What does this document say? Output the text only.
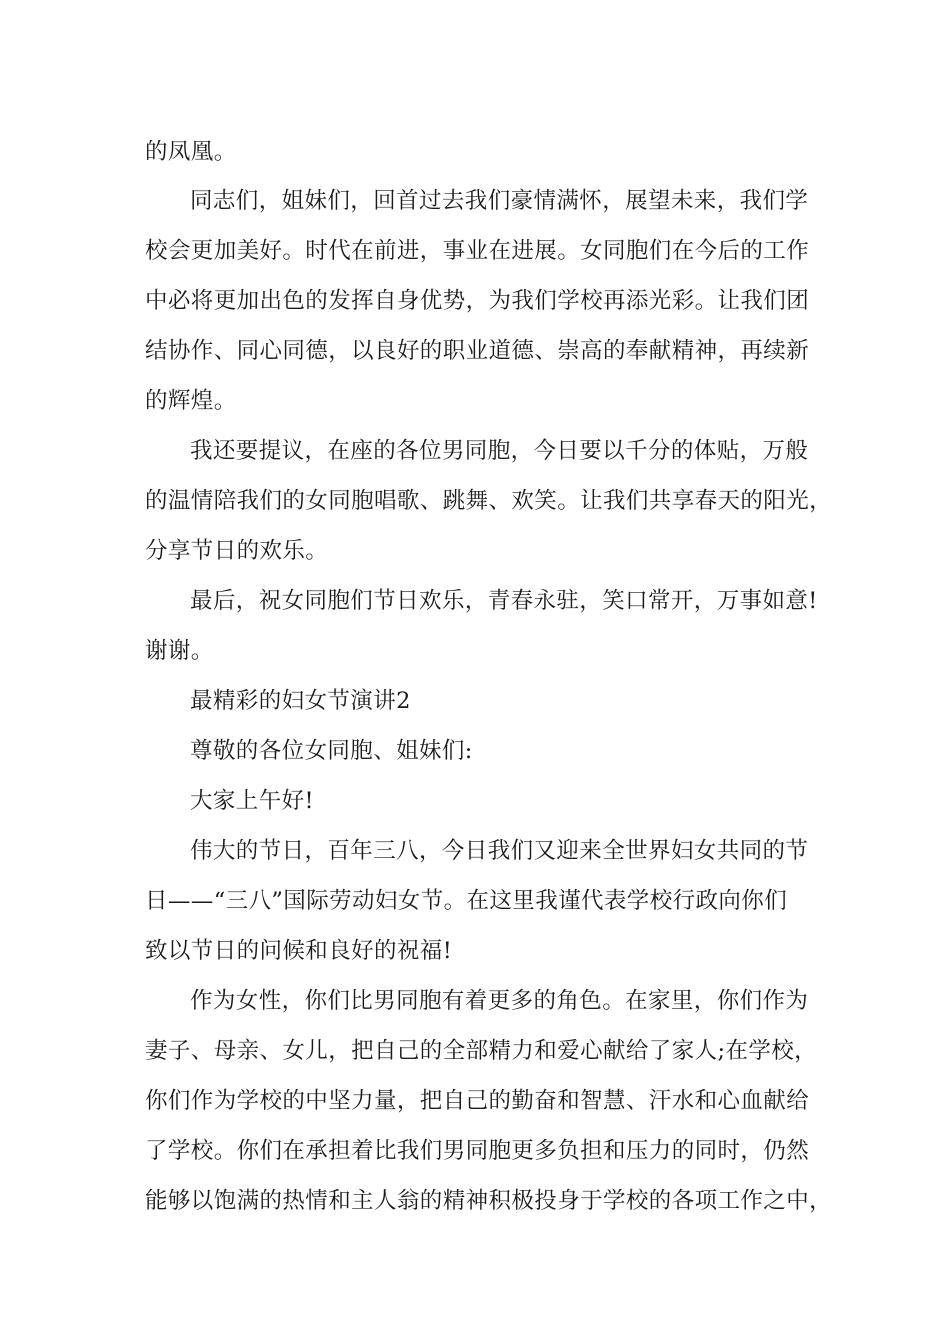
的凤凰。
同志们，姐妹们，回首过去我们豪情满怀，展望未来，我们学
校会更加美好。时代在前进，事业在进展。女同胞们在今后的工作
中必将更加出色的发挥自身优势，为我们学校再添光彩。让我们团
结协作、同心同德，以良好的职业道德、崇高的奉献精神，再续新
的辉煌。
我还要提议，在座的各位男同胞，今日要以千分的体贴，万般
的温情陪我们的女同胞唱歌、跳舞、欢笑。让我们共享春天的阳光，
分享节日的欢乐。
最后，祝女同胞们节日欢乐，青春永驻，笑口常开，万事如意!
谢谢。
最精彩的妇女节演讲2
尊敬的各位女同胞、姐妹们:
大家上午好!
伟大的节日，百年三八，今日我们又迎来全世界妇女共同的节
日——“三八”国际劳动妇女节。在这里我谨代表学校行政向你们
致以节日的问候和良好的祝福!
作为女性，你们比男同胞有着更多的角色。在家里，你们作为
妻子、母亲、女儿，把自己的全部精力和爱心献给了家人;在学校，
你们作为学校的中坚力量，把自己的勤奋和智慧、汗水和心血献给
了学校。你们在承担着比我们男同胞更多负担和压力的同时，仍然
能够以饱满的热情和主人翁的精神积极投身于学校的各项工作之中，
